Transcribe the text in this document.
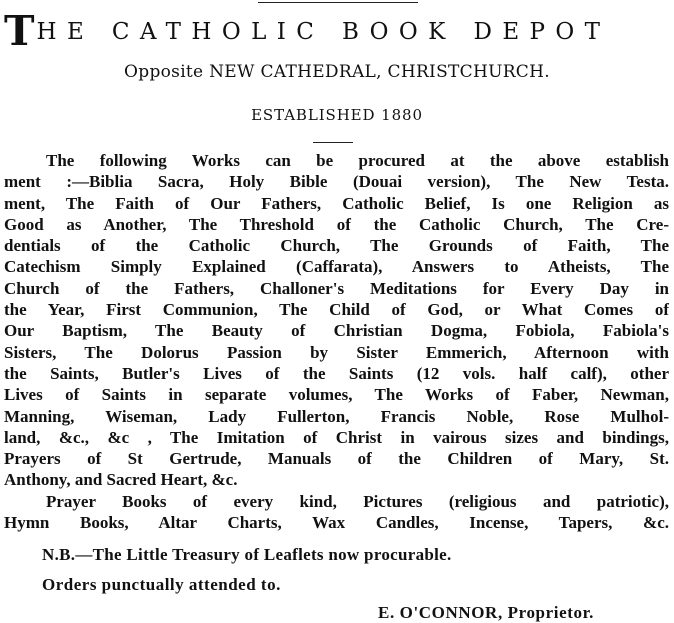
THE CATHOLIC BOOK DEPOT
Opposite NEW CATHEDRAL, CHRISTCHURCH.
ESTABLISHED 1880
The following Works can be procured at the above establish
ment :—Biblia Sacra, Holy Bible (Douai version), The New Testa.
ment, The Faith of Our Fathers, Catholic Belief, Is one Religion as
Good as Another, The Threshold of the Catholic Church, The Cre-
dentials of the Catholic Church, The Grounds of Faith, The
Catechism Simply Explained (Caffarata), Answers to Atheists, The
Church of the Fathers, Challoner's Meditations for Every Day in
the Year, First Communion, The Child of God, or What Comes of
Our Baptism, The Beauty of Christian Dogma, Fobiola, Fabiola's
Sisters, The Dolorus Passion by Sister Emmerich, Afternoon with
the Saints, Butler's Lives of the Saints (12 vols. half calf), other
Lives of Saints in separate volumes, The Works of Faber, Newman,
Manning, Wiseman, Lady Fullerton, Francis Noble, Rose Mulhol-
land, &c., &c , The Imitation of Christ in vairous sizes and bindings,
Prayers of St Gertrude, Manuals of the Children of Mary, St.
Anthony, and Sacred Heart, &c.
Prayer Books of every kind, Pictures (religious and patriotic),
Hymn Books, Altar Charts, Wax Candles, Incense, Tapers, &c.
N.B.—The Little Treasury of Leaflets now procurable.
Orders punctually attended to.
E. O'CONNOR, Proprietor.
